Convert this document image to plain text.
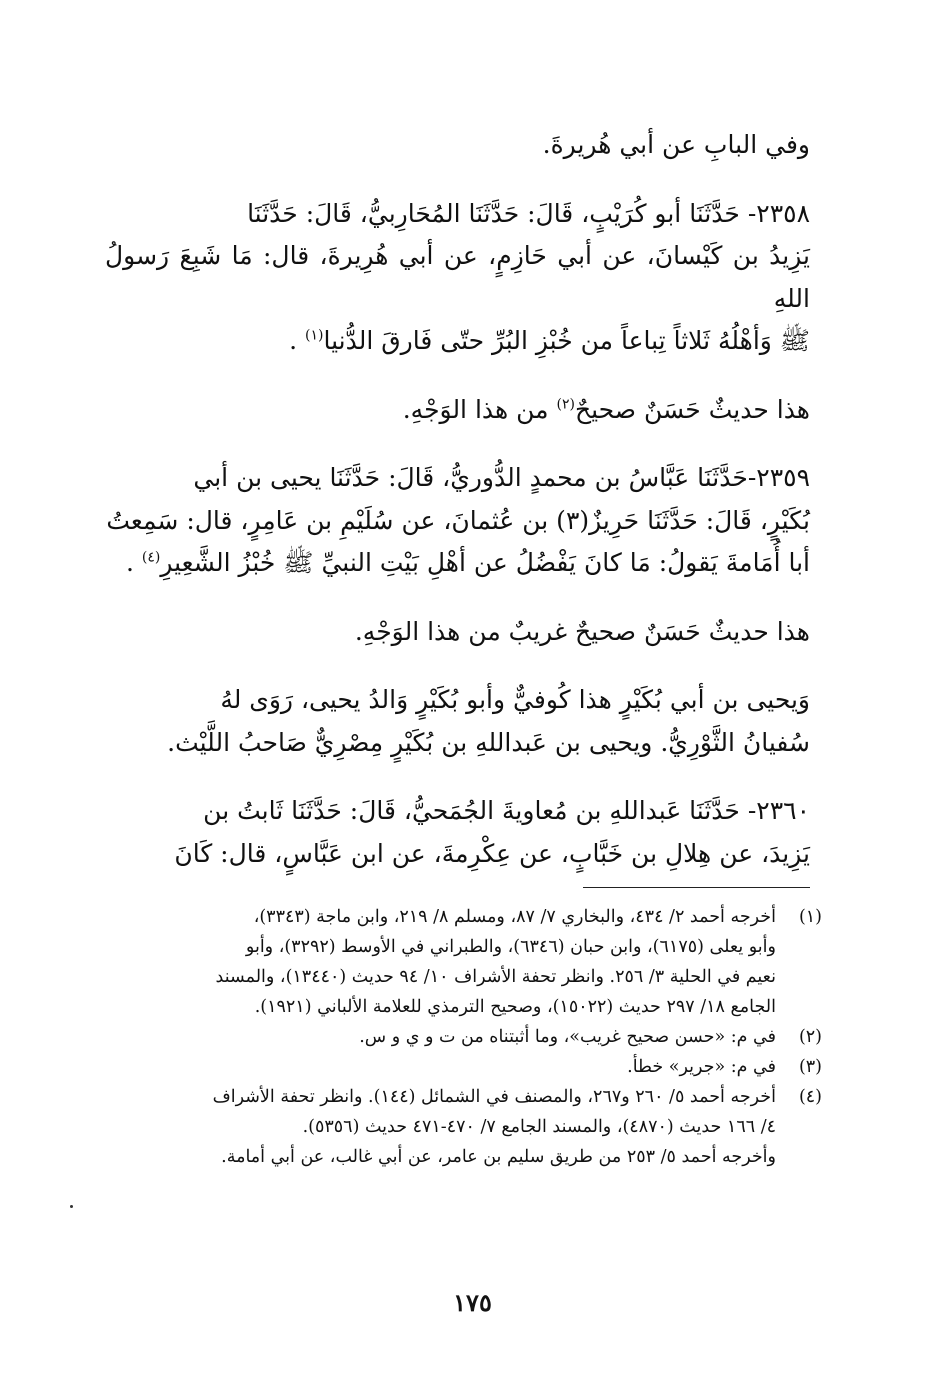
وفي البابِ عن أبي هُريرةَ.

٢٣٥٨- حَدَّثَنَا أبو كُرَيْبٍ، قَالَ: حَدَّثَنَا المُحَارِبيُّ، قَالَ: حَدَّثَنَا
يَزِيدُ بن كَيْسانَ، عن أبي حَازِمٍ، عن أبي هُرِيرةَ، قال: مَا شَبِعَ رَسولُ اللهِ
ﷺ وَأهْلُهُ ثَلاثاً تِباعاً من خُبْزِ البُرِّ حتّى فَارقَ الدُّنيا$^{(١)}$ .

هذا حديثٌ حَسَنٌ صحيحٌ$^{(٢)}$ من هذا الوَجْهِ.

٢٣٥٩-حَدَّثَنَا عَبَّاسُ بن محمدٍ الدُّوريُّ، قَالَ: حَدَّثَنَا يحيى بن أبي
بُكَيْرٍ، قَالَ: حَدَّثَنَا حَرِيزٌ(٣) بن عُثمانَ، عن سُلَيْمِ بن عَامِرٍ، قال: سَمِعتُ
أبا أُمَامةَ يَقولُ: مَا كانَ يَفْضُلُ عن أهْلِ بَيْتِ النبيِّ ﷺ خُبْزُ الشَّعِيرِ$^{(٤)}$ .

هذا حديثٌ حَسَنٌ صحيحٌ غريبٌ من هذا الوَجْهِ.

وَيحيى بن أبي بُكَيْرٍ هذا كُوفيٌّ وأبو بُكَيْرٍ وَالدُ يحيى، رَوَى لهُ
سُفيانُ الثَّوْرِيُّ. ويحيى بن عَبداللهِ بن بُكَيْرٍ مِصْرِيٌّ صَاحبُ اللَّيْث.

٢٣٦٠- حَدَّثَنَا عَبداللهِ بن مُعاويةَ الجُمَحيُّ، قَالَ: حَدَّثَنَا ثَابتُ بن
يَزِيدَ، عن هِلالِ بن خَبَّابٍ، عن عِكْرِمةَ، عن ابن عَبَّاسٍ، قال: كَانَ

(١)
أخرجه أحمد ٢/ ٤٣٤، والبخاري ٧/ ٨٧، ومسلم ٨/ ٢١٩، وابن ماجة (٣٣٤٣)،
وأبو يعلى (٦١٧٥)، وابن حبان (٦٣٤٦)، والطبراني في الأوسط (٣٢٩٢)، وأبو
نعيم في الحلية ٣/ ٢٥٦. وانظر تحفة الأشراف ١٠/ ٩٤ حديث (١٣٤٤٠)، والمسند
الجامع ١٨/ ٢٩٧ حديث (١٥٠٢٢)، وصحيح الترمذي للعلامة الألباني (١٩٢١).
(٢)
في م: «حسن صحيح غريب»، وما أثبتناه من ت و ي و س.
(٣)
في م: «جرير» خطأ.
(٤)
أخرجه أحمد ٥/ ٢٦٠ و٢٦٧، والمصنف في الشمائل (١٤٤). وانظر تحفة الأشراف
٤/ ١٦٦ حديث (٤٨٧٠)، والمسند الجامع ٧/ ٤٧٠-٤٧١ حديث (٥٣٥٦).

وأخرجه أحمد ٥/ ٢٥٣ من طريق سليم بن عامر، عن أبي غالب، عن أبي أمامة.

١٧٥
